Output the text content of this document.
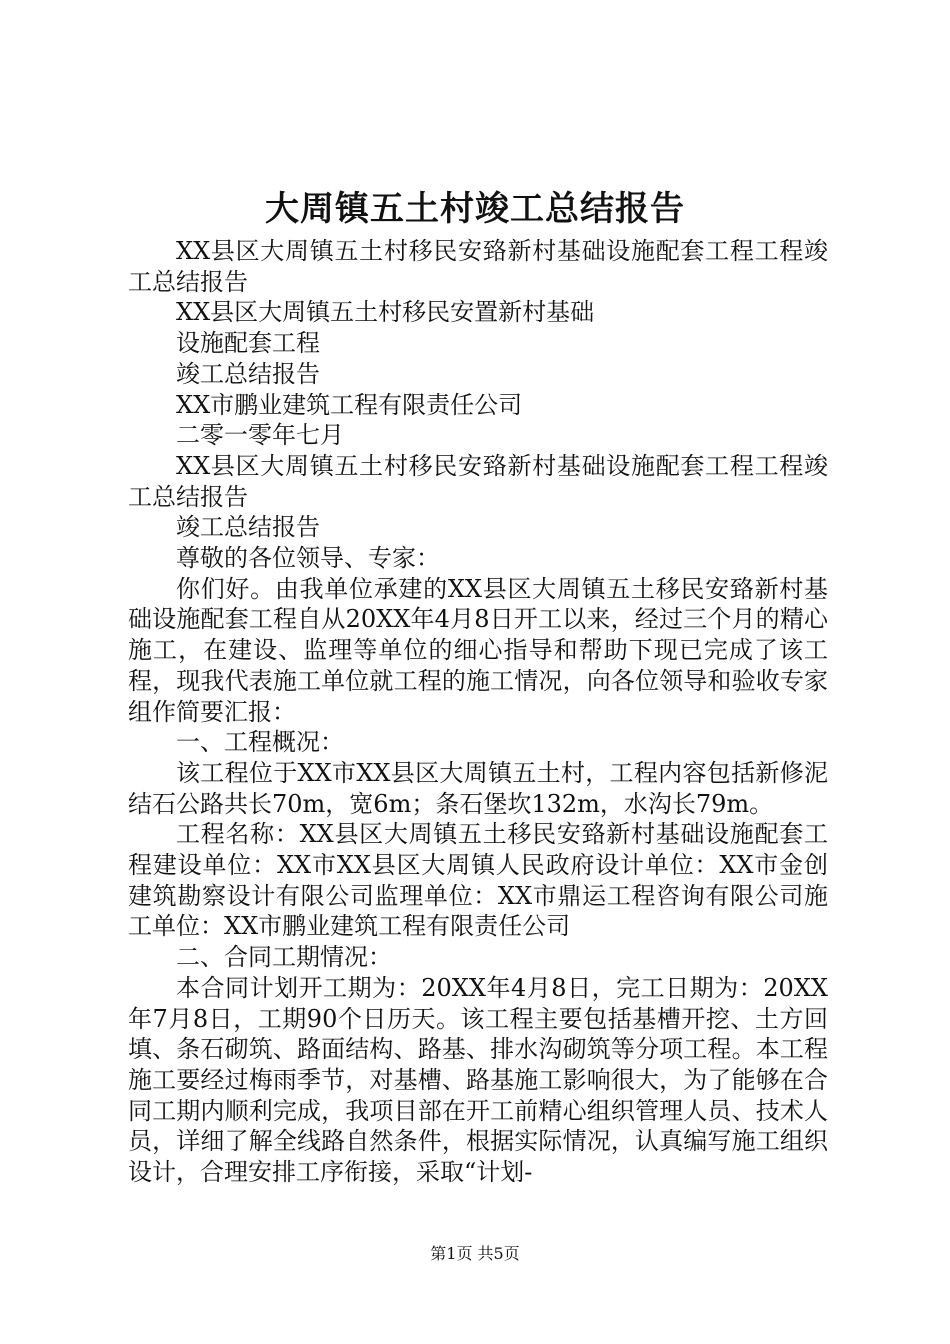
大周镇五土村竣工总结报告

XX县区大周镇五土村移民安臵新村基础设施配套工程工程竣工总结报告

XX县区大周镇五土村移民安置新村基础

设施配套工程

竣工总结报告

XX市鹏业建筑工程有限责任公司

二零一零年七月

XX县区大周镇五土村移民安臵新村基础设施配套工程工程竣工总结报告

竣工总结报告

尊敬的各位领导、专家：

你们好。由我单位承建的XX县区大周镇五土移民安臵新村基础设施配套工程自从20XX年4月8日开工以来，经过三个月的精心施工，在建设、监理等单位的细心指导和帮助下现已完成了该工程，现我代表施工单位就工程的施工情况，向各位领导和验收专家组作简要汇报：

一、工程概况：

该工程位于XX市XX县区大周镇五土村，工程内容包括新修泥结石公路共长70m，宽6m；条石堡坎132m，水沟长79m。

工程名称：XX县区大周镇五土移民安臵新村基础设施配套工程建设单位：XX市XX县区大周镇人民政府设计单位：XX市金创建筑勘察设计有限公司监理单位：XX市鼎运工程咨询有限公司施工单位：XX市鹏业建筑工程有限责任公司

二、合同工期情况：

本合同计划开工期为：20XX年4月8日，完工日期为：20XX年7月8日，工期90个日历天。该工程主要包括基槽开挖、土方回填、条石砌筑、路面结构、路基、排水沟砌筑等分项工程。本工程施工要经过梅雨季节，对基槽、路基施工影响很大，为了能够在合同工期内顺利完成，我项目部在开工前精心组织管理人员、技术人员，详细了解全线路自然条件，根据实际情况，认真编写施工组织设计，合理安排工序衔接，采取“计划-

第1页 共5页
